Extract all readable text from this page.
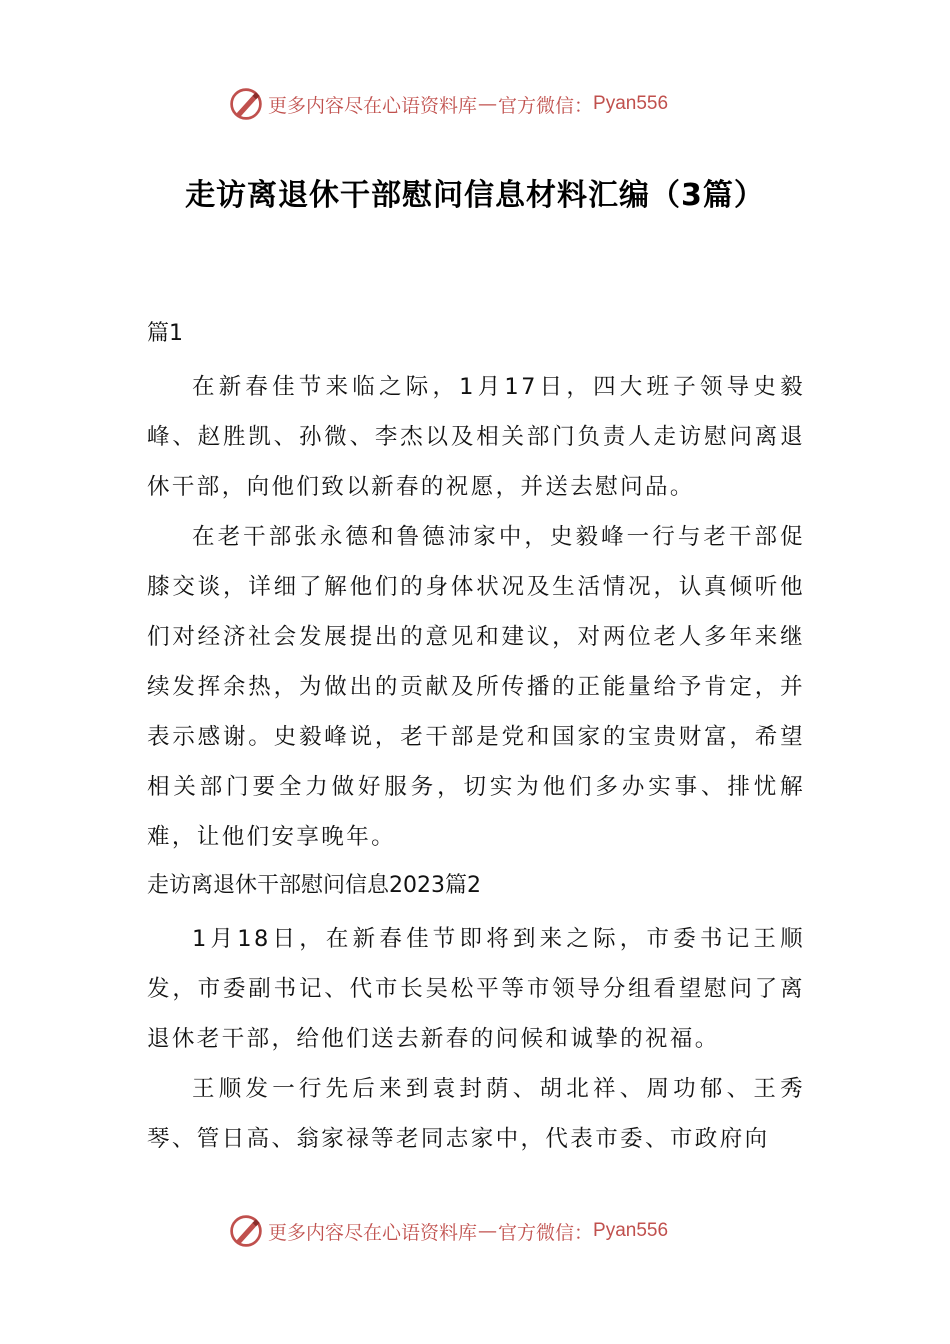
更多内容尽在心语资料库 — 官方微信： Pyan556
走访离退休干部慰问信息材料汇编（3篇）

篇1

在新春佳节来临之际，1月17日，四大班子领导史毅峰、赵胜凯、孙微、李杰以及相关部门负责人走访慰问离退休干部，向他们致以新春的祝愿，并送去慰问品。

在老干部张永德和鲁德沛家中，史毅峰一行与老干部促膝交谈，详细了解他们的身体状况及生活情况，认真倾听他们对经济社会发展提出的意见和建议，对两位老人多年来继续发挥余热，为做出的贡献及所传播的正能量给予肯定，并表示感谢。史毅峰说，老干部是党和国家的宝贵财富，希望相关部门要全力做好服务，切实为他们多办实事、排忧解难，让他们安享晚年。

走访离退休干部慰问信息2023篇2

1月18日，在新春佳节即将到来之际，市委书记王顺发，市委副书记、代市长吴松平等市领导分组看望慰问了离退休老干部，给他们送去新春的问候和诚挚的祝福。

王顺发一行先后来到袁封荫、胡北祥、周功郁、王秀琴、管日高、翁家禄等老同志家中，代表市委、市政府向

更多内容尽在心语资料库 — 官方微信： Pyan556
